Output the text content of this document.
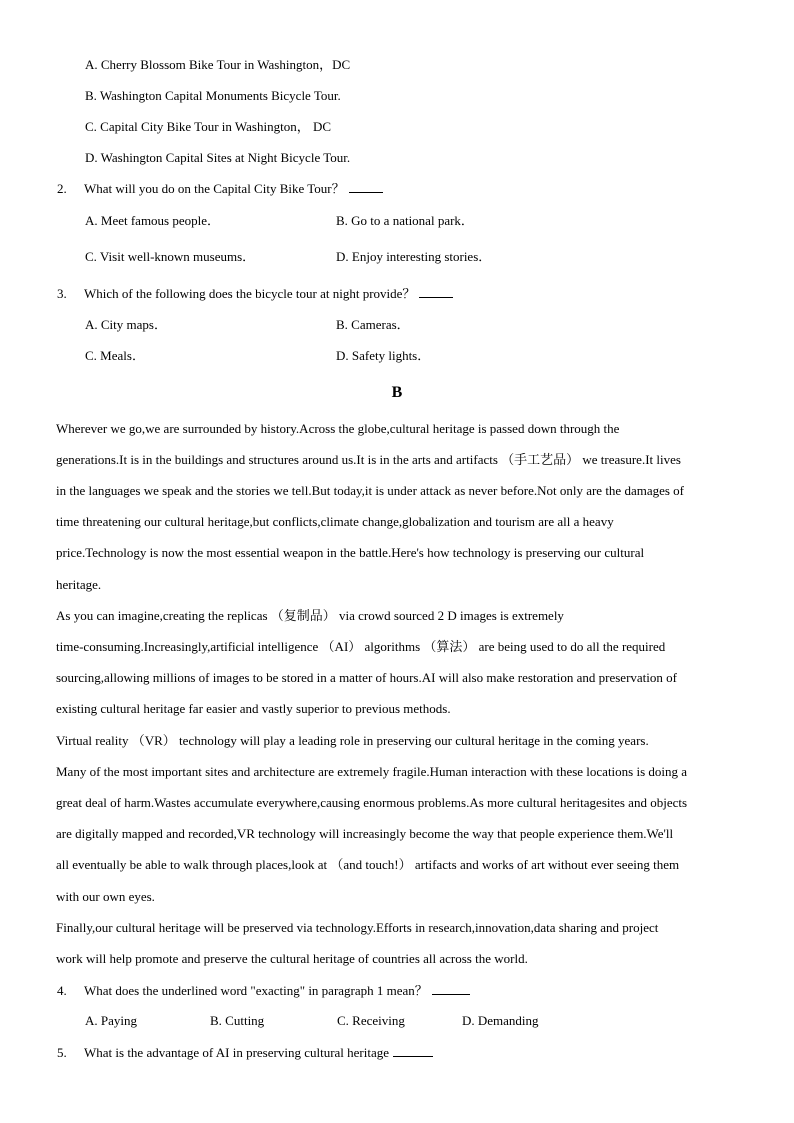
A. Cherry Blossom Bike Tour in Washington，DC
B. Washington Capital Monuments Bicycle Tour.
C. Capital City Bike Tour in Washington， DC
D. Washington Capital Sites at Night Bicycle Tour.
2. What will you do on the Capital City Bike Tour？
A. Meet famous people．	B. Go to a national park．
C. Visit well-known museums．	D. Enjoy interesting stories．
3. Which of the following does the bicycle tour at night provide？
A. City maps．	B. Cameras．
C. Meals．	D. Safety lights．
B
Wherever we go,we are surrounded by history.Across the globe,cultural heritage is passed down through the
generations.It is in the buildings and structures around us.It is in the arts and artifacts （手工艺品） we treasure.It lives
in the languages we speak and the stories we tell.But today,it is under attack as never before.Not only are the damages of
time threatening our cultural heritage,but conflicts,climate change,globalization and tourism are all a heavy
price.Technology is now the most essential weapon in the battle.Here's how technology is preserving our cultural
heritage.
As you can imagine,creating the replicas （复制品） via crowd sourced 2 D images is extremely
time-consuming.Increasingly,artificial intelligence （AI） algorithms （算法） are being used to do all the required
sourcing,allowing millions of images to be stored in a matter of hours.AI will also make restoration and preservation of
existing cultural heritage far easier and vastly superior to previous methods.
Virtual reality （VR） technology will play a leading role in preserving our cultural heritage in the coming years.
Many of the most important sites and architecture are extremely fragile.Human interaction with these locations is doing a
great deal of harm.Wastes accumulate everywhere,causing enormous problems.As more cultural heritagesites and objects
are digitally mapped and recorded,VR technology will increasingly become the way that people experience them.We'll
all eventually be able to walk through places,look at （and touch!） artifacts and works of art without ever seeing them
with our own eyes.
Finally,our cultural heritage will be preserved via technology.Efforts in research,innovation,data sharing and project
work will help promote and preserve the cultural heritage of countries all across the world.
4. What does the underlined word "exacting" in paragraph 1 mean？
A. Paying	B. Cutting	C. Receiving	D. Demanding
5. What is the advantage of AI in preserving cultural heritage
